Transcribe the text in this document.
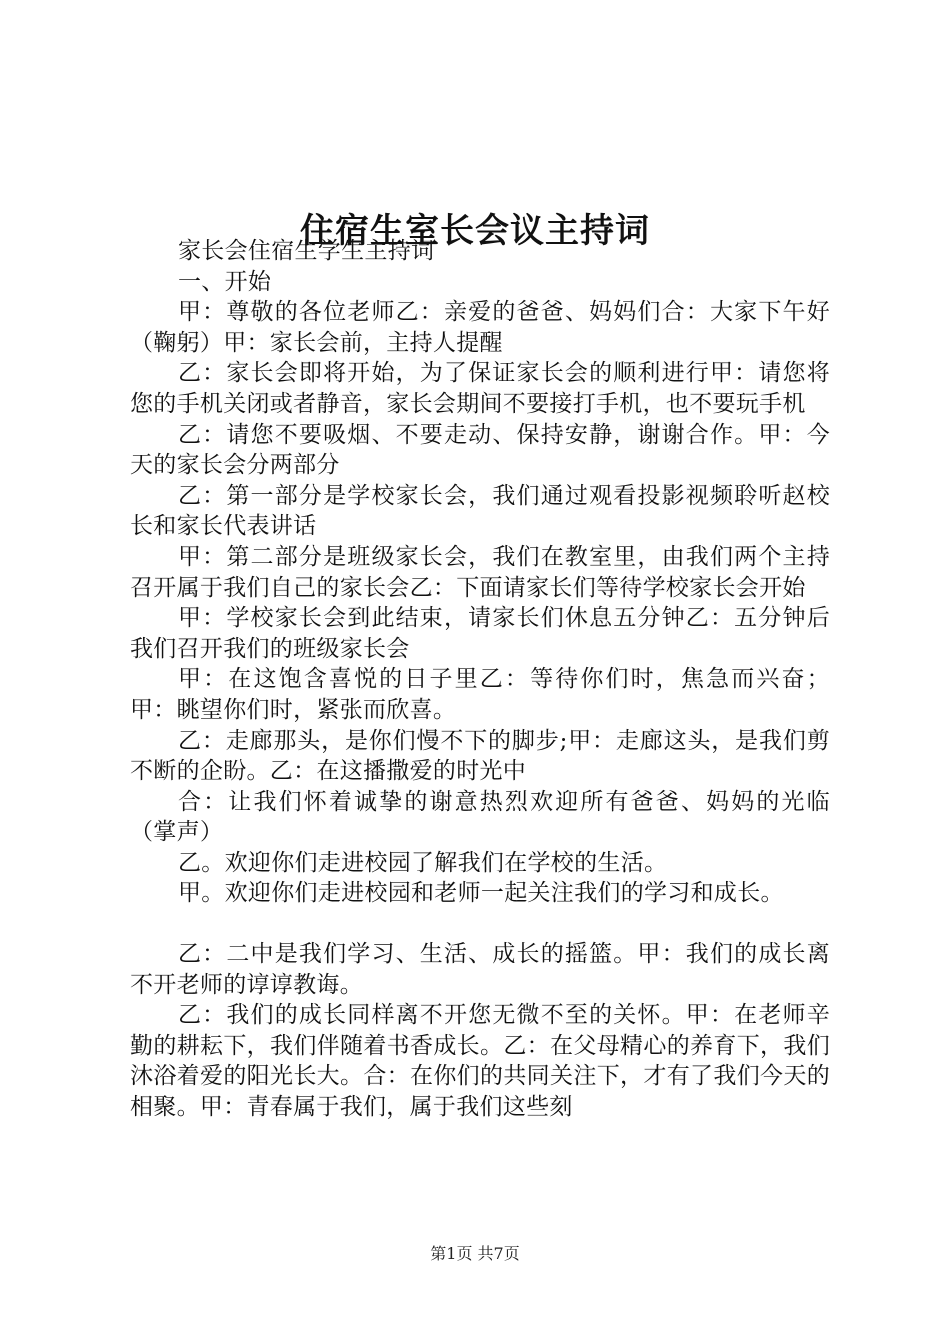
住宿生室长会议主持词

家长会住宿生学生主持词

一、开始

甲：尊敬的各位老师乙：亲爱的爸爸、妈妈们合：大家下午好（鞠躬）甲：家长会前，主持人提醒

乙：家长会即将开始，为了保证家长会的顺利进行甲：请您将您的手机关闭或者静音，家长会期间不要接打手机，也不要玩手机

乙：请您不要吸烟、不要走动、保持安静，谢谢合作。甲：今天的家长会分两部分

乙：第一部分是学校家长会，我们通过观看投影视频聆听赵校长和家长代表讲话

甲：第二部分是班级家长会，我们在教室里，由我们两个主持召开属于我们自己的家长会乙：下面请家长们等待学校家长会开始

甲：学校家长会到此结束，请家长们休息五分钟乙：五分钟后我们召开我们的班级家长会

甲：在这饱含喜悦的日子里乙：等待你们时，焦急而兴奋；甲：眺望你们时，紧张而欣喜。

乙：走廊那头，是你们慢不下的脚步;甲：走廊这头，是我们剪不断的企盼。乙：在这播撒爱的时光中

合：让我们怀着诚挚的谢意热烈欢迎所有爸爸、妈妈的光临（掌声）

乙。欢迎你们走进校园了解我们在学校的生活。

甲。欢迎你们走进校园和老师一起关注我们的学习和成长。

乙：二中是我们学习、生活、成长的摇篮。甲：我们的成长离不开老师的谆谆教诲。

乙：我们的成长同样离不开您无微不至的关怀。甲：在老师辛勤的耕耘下，我们伴随着书香成长。乙：在父母精心的养育下，我们沐浴着爱的阳光长大。合：在你们的共同关注下，才有了我们今天的相聚。甲：青春属于我们，属于我们这些刻

第1页 共7页
